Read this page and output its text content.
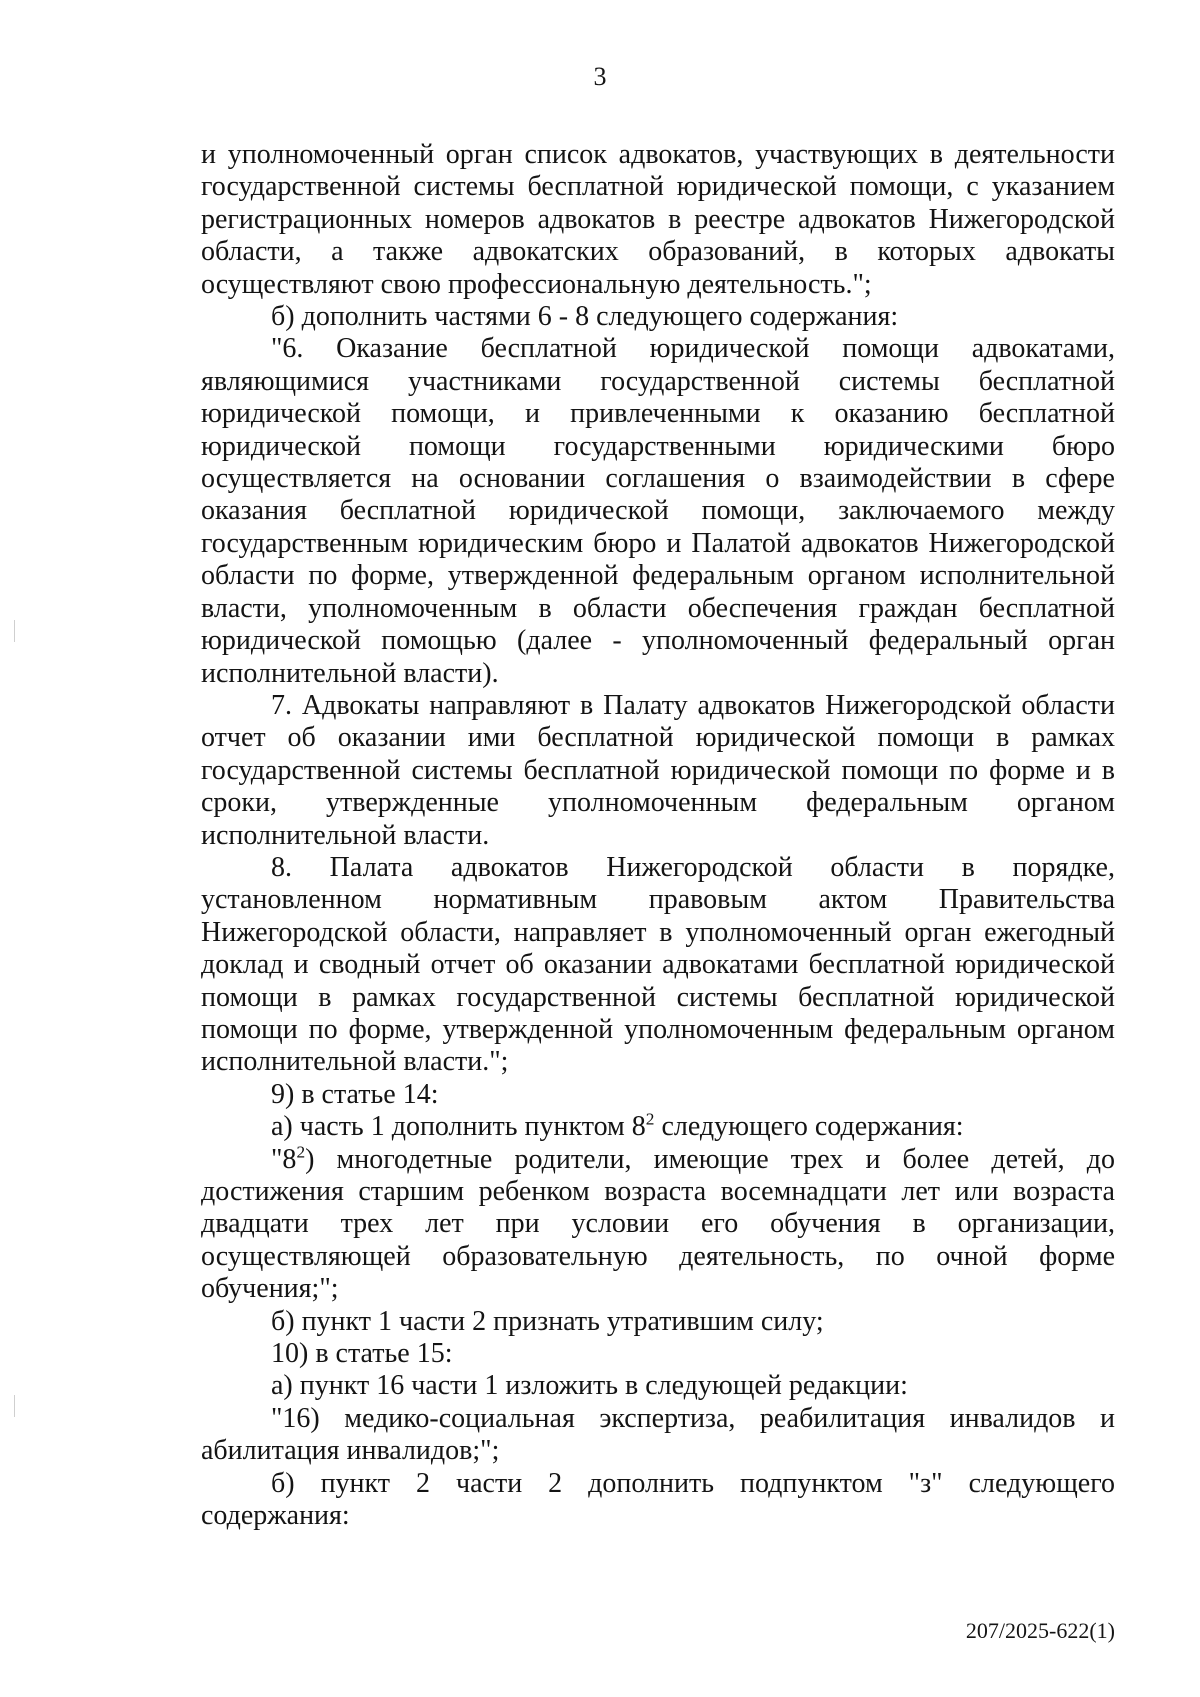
3

и уполномоченный орган список адвокатов, участвующих в деятельности государственной системы бесплатной юридической помощи, с указанием регистрационных номеров адвокатов в реестре адвокатов Нижегородской области, а также адвокатских образований, в которых адвокаты осуществляют свою профессиональную деятельность.";

б) дополнить частями 6 - 8 следующего содержания:

"6. Оказание бесплатной юридической помощи адвокатами, являющимися участниками государственной системы бесплатной юридической помощи, и привлеченными к оказанию бесплатной юридической помощи государственными юридическими бюро осуществляется на основании соглашения о взаимодействии в сфере оказания бесплатной юридической помощи, заключаемого между государственным юридическим бюро и Палатой адвокатов Нижегородской области по форме, утвержденной федеральным органом исполнительной власти, уполномоченным в области обеспечения граждан бесплатной юридической помощью (далее - уполномоченный федеральный орган исполнительной власти).

7. Адвокаты направляют в Палату адвокатов Нижегородской области отчет об оказании ими бесплатной юридической помощи в рамках государственной системы бесплатной юридической помощи по форме и в сроки, утвержденные уполномоченным федеральным органом исполнительной власти.

8. Палата адвокатов Нижегородской области в порядке, установленном нормативным правовым актом Правительства Нижегородской области, направляет в уполномоченный орган ежегодный доклад и сводный отчет об оказании адвокатами бесплатной юридической помощи в рамках государственной системы бесплатной юридической помощи по форме, утвержденной уполномоченным федеральным органом исполнительной власти.";

9) в статье 14:

а) часть 1 дополнить пунктом $8^2$ следующего содержания:

"$8^2$) многодетные родители, имеющие трех и более детей, до достижения старшим ребенком возраста восемнадцати лет или возраста двадцати трех лет при условии его обучения в организации, осуществляющей образовательную деятельность, по очной форме обучения;";

б) пункт 1 части 2 признать утратившим силу;

10) в статье 15:

а) пункт 16 части 1 изложить в следующей редакции:

"16) медико-социальная экспертиза, реабилитация инвалидов и абилитация инвалидов;";

б) пункт 2 части 2 дополнить подпунктом "з" следующего содержания:

207/2025-622(1)
